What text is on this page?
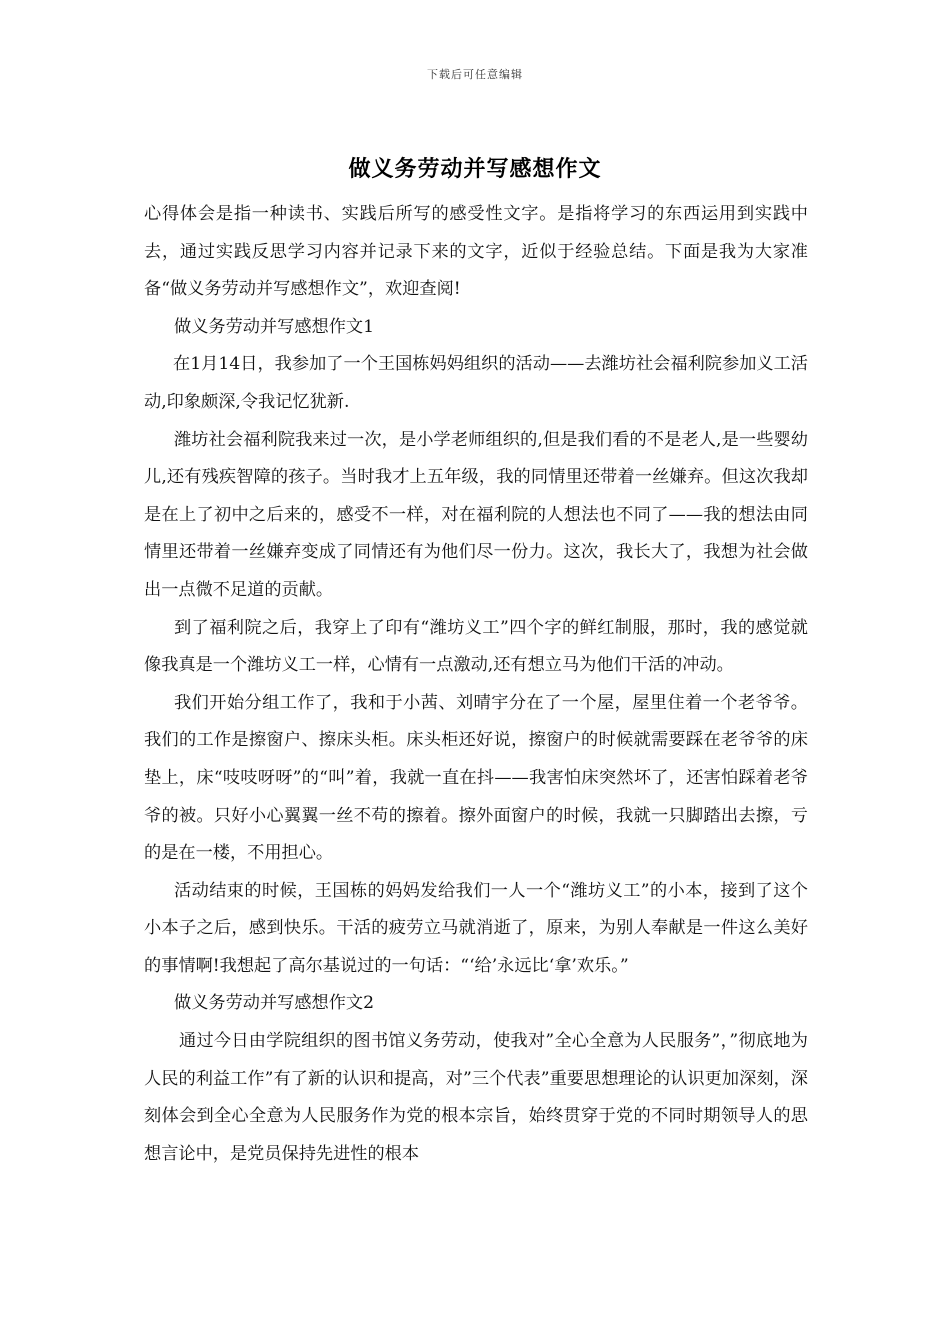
下载后可任意编辑
做义务劳动并写感想作文

心得体会是指一种读书、实践后所写的感受性文字。是指将学习的东西运用到实践中去，通过实践反思学习内容并记录下来的文字，近似于经验总结。下面是我为大家准备“做义务劳动并写感想作文”，欢迎查阅!

做义务劳动并写感想作文1

在1月14日，我参加了一个王国栋妈妈组织的活动——去潍坊社会福利院参加义工活动,印象颇深,令我记忆犹新.

潍坊社会福利院我来过一次，是小学老师组织的,但是我们看的不是老人,是一些婴幼儿,还有残疾智障的孩子。当时我才上五年级，我的同情里还带着一丝嫌弃。但这次我却是在上了初中之后来的，感受不一样，对在福利院的人想法也不同了——我的想法由同情里还带着一丝嫌弃变成了同情还有为他们尽一份力。这次，我长大了，我想为社会做出一点微不足道的贡献。

到了福利院之后，我穿上了印有“潍坊义工”四个字的鲜红制服，那时，我的感觉就像我真是一个潍坊义工一样，心情有一点激动,还有想立马为他们干活的冲动。

我们开始分组工作了，我和于小茜、刘晴宇分在了一个屋，屋里住着一个老爷爷。我们的工作是擦窗户、擦床头柜。床头柜还好说，擦窗户的时候就需要踩在老爷爷的床垫上，床“吱吱呀呀”的“叫”着，我就一直在抖——我害怕床突然坏了，还害怕踩着老爷爷的被。只好小心翼翼一丝不苟的擦着。擦外面窗户的时候，我就一只脚踏出去擦，亏的是在一楼，不用担心。

活动结束的时候，王国栋的妈妈发给我们一人一个“潍坊义工”的小本，接到了这个小本子之后，感到快乐。干活的疲劳立马就消逝了，原来，为别人奉献是一件这么美好的事情啊!我想起了高尔基说过的一句话：“‘给’永远比‘拿’欢乐。”

做义务劳动并写感想作文2

通过今日由学院组织的图书馆义务劳动，使我对”全心全意为人民服务”，”彻底地为人民的利益工作”有了新的认识和提高，对”三个代表”重要思想理论的认识更加深刻，深刻体会到全心全意为人民服务作为党的根本宗旨，始终贯穿于党的不同时期领导人的思想言论中，是党员保持先进性的根本
